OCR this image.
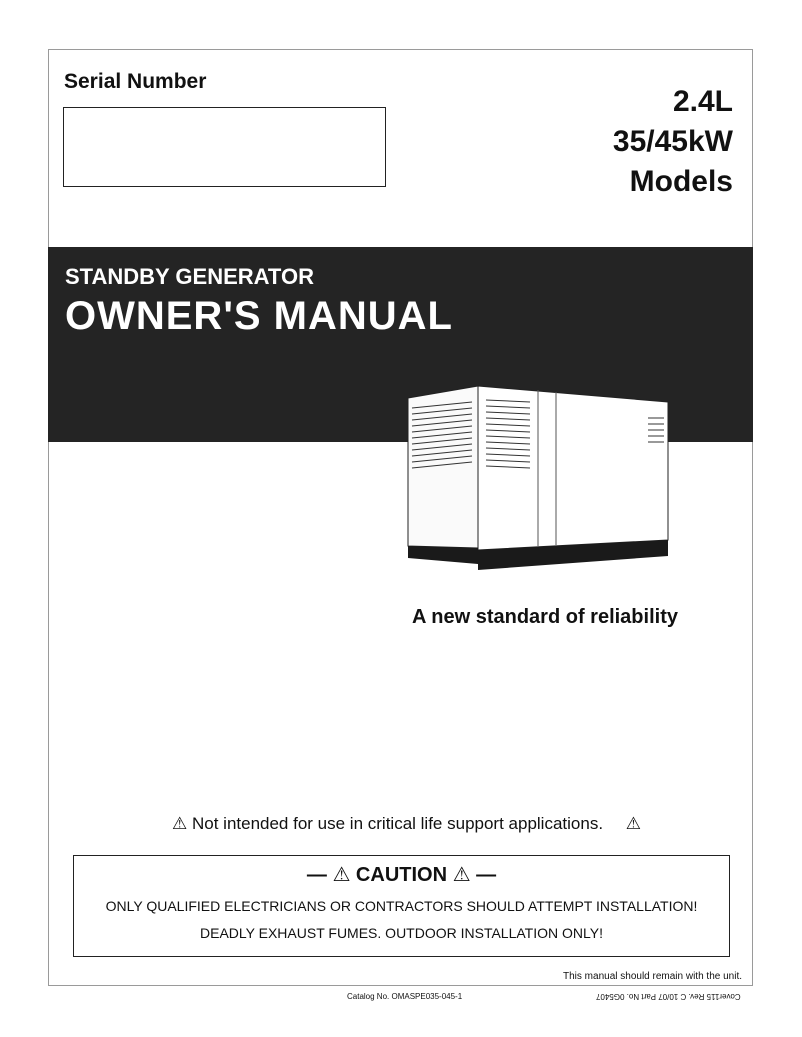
Serial Number
2.4L
35/45kW
Models
STANDBY GENERATOR
OWNER'S MANUAL
A new standard of reliability
⚠ Not intended for use in critical life support applications. ⚠
— ⚠ CAUTION ⚠ —
ONLY QUALIFIED ELECTRICIANS OR CONTRACTORS SHOULD ATTEMPT INSTALLATION!
DEADLY EXHAUST FUMES. OUTDOOR INSTALLATION ONLY!
This manual should remain with the unit.
Catalog No. OMASPE035-045-1	Cover115 Rev. C 10/07 Part No. 0G5407
